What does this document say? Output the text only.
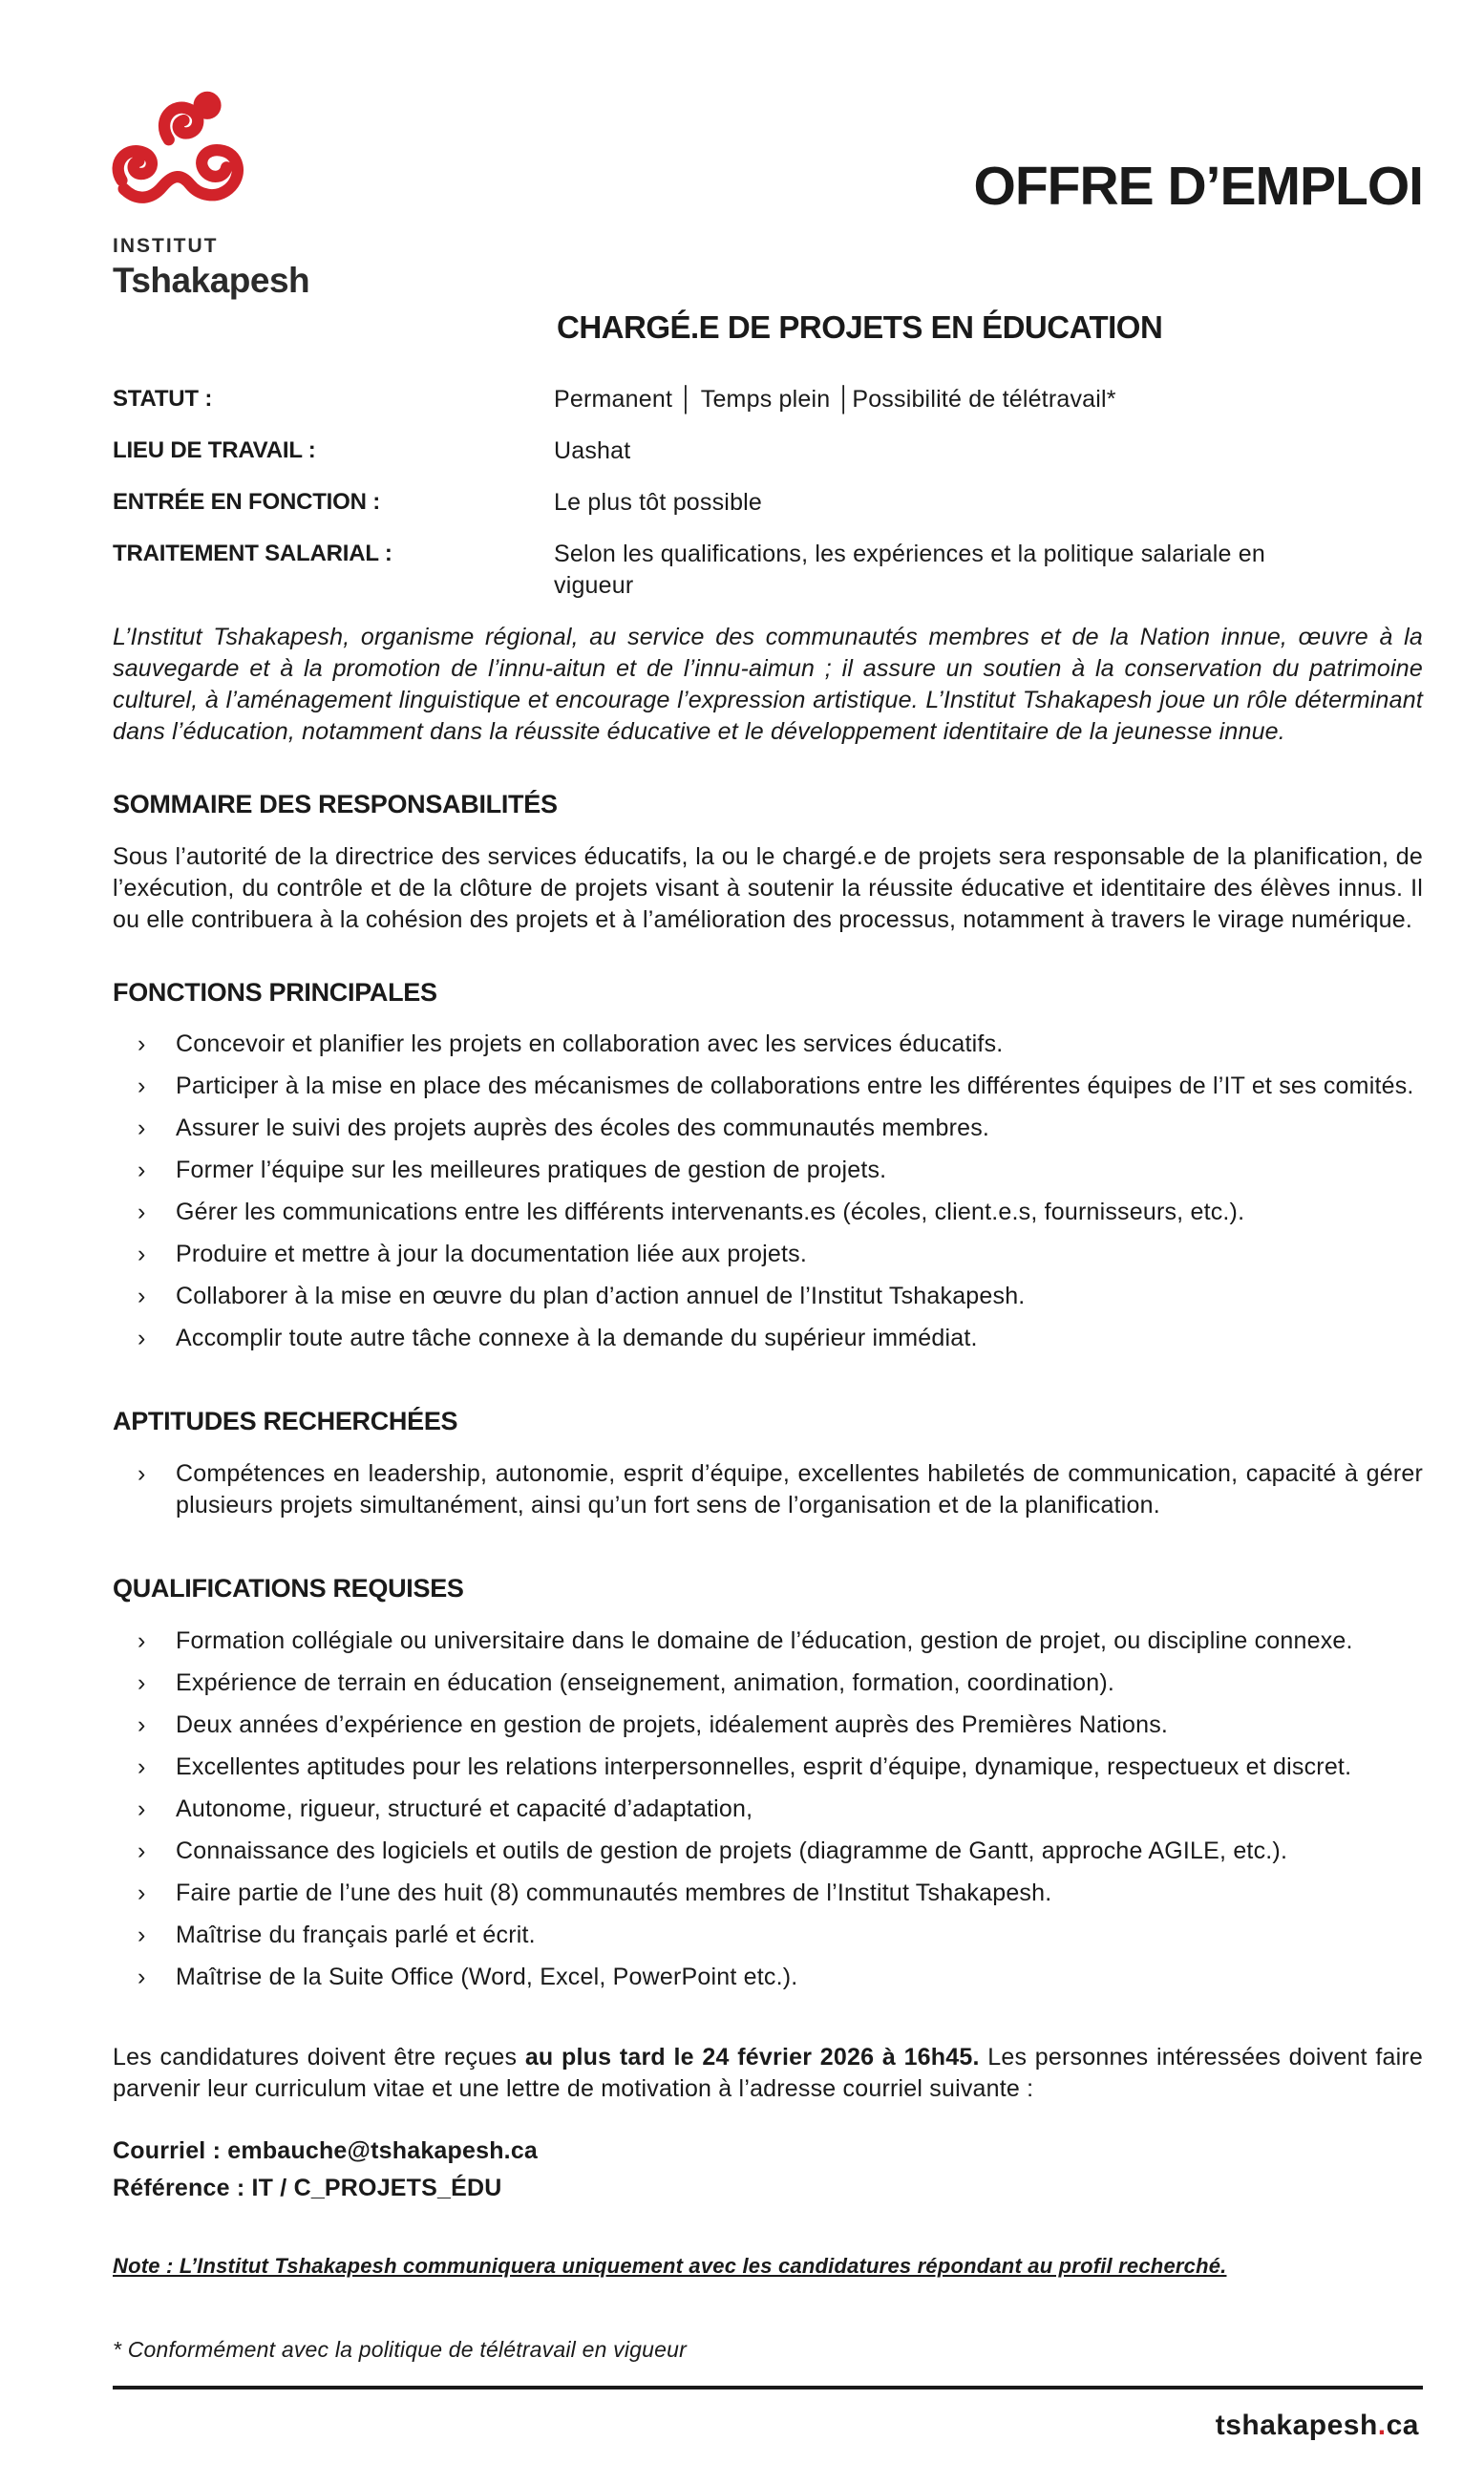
INSTITUT
Tshakapesh
OFFRE D’EMPLOI
CHARGÉ.E DE PROJETS EN ÉDUCATION
STATUT :	Permanent │ Temps plein │Possibilité de télétravail*
LIEU DE TRAVAIL :	Uashat
ENTRÉE EN FONCTION :	Le plus tôt possible
TRAITEMENT SALARIAL :	Selon les qualifications, les expériences et la politique salariale en vigueur

L’Institut Tshakapesh, organisme régional, au service des communautés membres et de la Nation innue, œuvre à la sauvegarde et à la promotion de l’innu-aitun et de l’innu-aimun ; il assure un soutien à la conservation du patrimoine culturel, à l’aménagement linguistique et encourage l’expression artistique. L’Institut Tshakapesh joue un rôle déterminant dans l’éducation, notamment dans la réussite éducative et le développement identitaire de la jeunesse innue.

SOMMAIRE DES RESPONSABILITÉS

Sous l’autorité de la directrice des services éducatifs, la ou le chargé.e de projets sera responsable de la planification, de l’exécution, du contrôle et de la clôture de projets visant à soutenir la réussite éducative et identitaire des élèves innus. Il ou elle contribuera à la cohésion des projets et à l’amélioration des processus, notamment à travers le virage numérique.

FONCTIONS PRINCIPALES
› Concevoir et planifier les projets en collaboration avec les services éducatifs.
› Participer à la mise en place des mécanismes de collaborations entre les différentes équipes de l’IT et ses comités.
› Assurer le suivi des projets auprès des écoles des communautés membres.
› Former l’équipe sur les meilleures pratiques de gestion de projets.
› Gérer les communications entre les différents intervenants.es (écoles, client.e.s, fournisseurs, etc.).
› Produire et mettre à jour la documentation liée aux projets.
› Collaborer à la mise en œuvre du plan d’action annuel de l’Institut Tshakapesh.
› Accomplir toute autre tâche connexe à la demande du supérieur immédiat.
APTITUDES RECHERCHÉES
› Compétences en leadership, autonomie, esprit d’équipe, excellentes habiletés de communication, capacité à gérer plusieurs projets simultanément, ainsi qu’un fort sens de l’organisation et de la planification.
QUALIFICATIONS REQUISES
› Formation collégiale ou universitaire dans le domaine de l’éducation, gestion de projet, ou discipline connexe.
› Expérience de terrain en éducation (enseignement, animation, formation, coordination).
› Deux années d’expérience en gestion de projets, idéalement auprès des Premières Nations.
› Excellentes aptitudes pour les relations interpersonnelles, esprit d’équipe, dynamique, respectueux et discret.
› Autonome, rigueur, structuré et capacité d’adaptation,
› Connaissance des logiciels et outils de gestion de projets (diagramme de Gantt, approche AGILE, etc.).
› Faire partie de l’une des huit (8) communautés membres de l’Institut Tshakapesh.
› Maîtrise du français parlé et écrit.
› Maîtrise de la Suite Office (Word, Excel, PowerPoint etc.).

Les candidatures doivent être reçues au plus tard le 24 février 2026 à 16h45. Les personnes intéressées doivent faire parvenir leur curriculum vitae et une lettre de motivation à l’adresse courriel suivante :

Courriel : embauche@tshakapesh.ca
Référence : IT / C_PROJETS_ÉDU

Note : L’Institut Tshakapesh communiquera uniquement avec les candidatures répondant au profil recherché.

* Conformément avec la politique de télétravail en vigueur

tshakapesh.ca
